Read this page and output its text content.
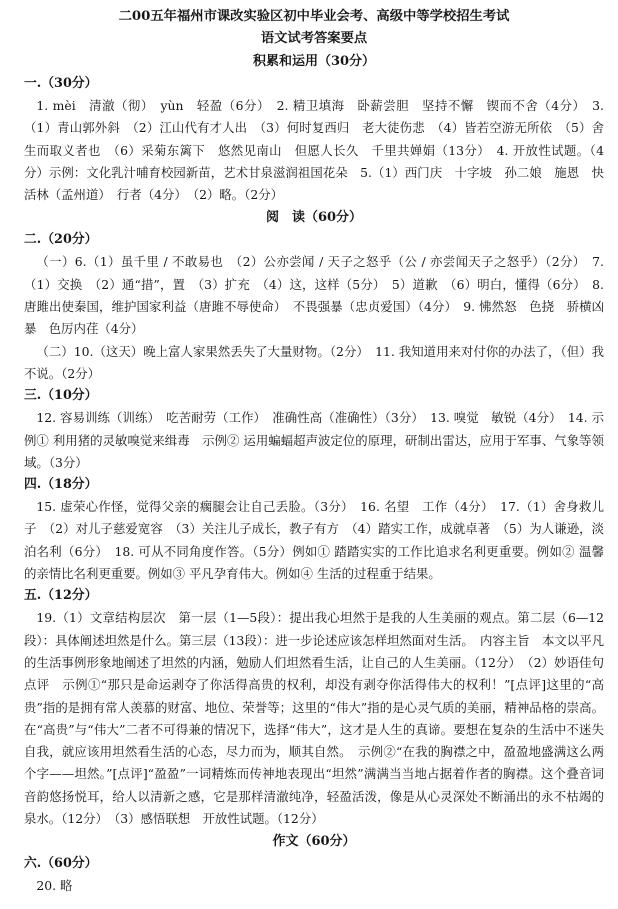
二00五年福州市课改实验区初中毕业会考、高级中等学校招生考试
语文试考答案要点
积累和运用（30分）
一.（30分）

1. mèi　清澈（彻）　yùn　轻盈（6分）　2. 精卫填海　卧薪尝胆　坚持不懈　锲而不舍（4分）　3.（1）青山郭外斜　（2）江山代有才人出　（3）何时复西归　老大徒伤悲　（4）皆若空游无所依　（5）舍生而取义者也　（6）采菊东篱下　悠然见南山　但愿人长久　千里共婵娟（13分）　4. 开放性试题。（4分）示例：文化乳汁哺育校园新苗，艺术甘泉滋润祖国花朵　5.（1）西门庆　十字坡　孙二娘　施恩　快活林（孟州道）　行者（4分）　（2）略。（2分）

阅　读（60分）
二.（20分）

（一）6.（1）虽千里 / 不敢易也　（2）公亦尝闻 / 天子之怒乎（公 / 亦尝闻天子之怒乎）（2分）　7.（1）交换　（2）通“措”，置　（3）扩充　（4）这，这样（5分）　5）道歉　（6）明白，懂得（6分）　8. 唐雎出使秦国，维护国家利益（唐雎不辱使命）　不畏强暴（忠贞爱国）（4分）　9. 怫然怒　色挠　骄横凶暴　色厉内荏（4分）

（二）10.（这天）晚上富人家果然丢失了大量财物。（2分）　11. 我知道用来对付你的办法了，（但）我不说。（2分）

三.（10分）

12. 容易训练（训练）　吃苦耐劳（工作）　准确性高（准确性）（3分）　13. 嗅觉　敏锐（4分）　14. 示例① 利用猪的灵敏嗅觉来缉毒　示例② 运用蝙蝠超声波定位的原理，研制出雷达，应用于军事、气象等领域。（3分）

四.（18分）

15. 虚荣心作怪，觉得父亲的瘸腿会让自己丢脸。（3分）　16. 名望　工作（4分）　17.（1）舍身救儿子　（2）对儿子慈爱宽容　（3）关注儿子成长，教子有方　（4）踏实工作，成就卓著　（5）为人谦逊，淡泊名利（6分）　18. 可从不同角度作答。（5分）例如① 踏踏实实的工作比追求名利更重要。例如② 温馨的亲情比名利更重要。例如③ 平凡孕育伟大。例如④ 生活的过程重于结果。

五.（12分）

19.（1）文章结构层次　第一层（1—5段）：提出我心坦然于是我的人生美丽的观点。第二层（6—12段）：具体阐述坦然是什么。第三层（13段）：进一步论述应该怎样坦然面对生活。　内容主旨　本文以平凡的生活事例形象地阐述了坦然的内涵，勉励人们坦然看生活，让自己的人生美丽。（12分）　（2）妙语佳句点评　示例①“那只是命运剥夺了你活得高贵的权利，却没有剥夺你活得伟大的权利！”[点评]这里的“高贵”指的是拥有常人羡慕的财富、地位、荣誉等；这里的“伟大”指的是心灵气质的美丽，精神品格的崇高。在“高贵”与“伟大”二者不可得兼的情况下，选择“伟大”，这才是人生的真谛。要想在复杂的生活中不迷失自我，就应该用坦然看生活的心态，尽力而为，顺其自然。　示例②“在我的胸襟之中，盈盈地盛满这么两个字——坦然。”[点评]“盈盈”一词精炼而传神地表现出“坦然”满满当当地占据着作者的胸襟。这个叠音词音韵悠扬悦耳，给人以清新之感，它是那样清澈纯净，轻盈活泼，像是从心灵深处不断涌出的永不枯竭的泉水。（12分）　（3）感悟联想　开放性试题。（12分）

作文（60分）
六.（60分）

20. 略
